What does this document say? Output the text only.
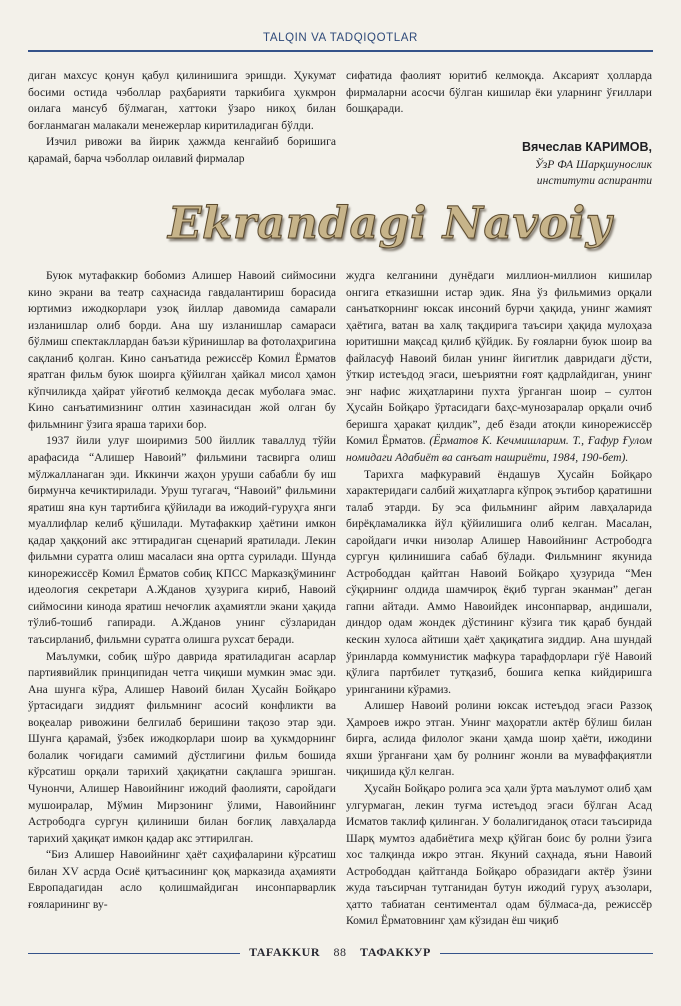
TALQIN VA TADQIQOTLAR

диган махсус қонун қабул қилинишига эришди. Ҳукумат босими остида чэболлар раҳбарияти таркибига ҳукмрон оилага мансуб бўлмаган, хаттоки ўзаро никоҳ билан боғланмаган малакали менежерлар киритиладиган бўлди.

Изчил ривожи ва йирик ҳажмда кенгайиб боришига қарамай, барча чэболлар оилавий фирмалар

сифатида фаолият юритиб келмоқда. Аксарият ҳолларда фирмаларни асосчи бўлган кишилар ёки уларнинг ўғиллари бошқаради.

Вячеслав КАРИМОВ,
ЎзР ФА Шарқшунослик
институти аспиранти
Ekrandagi Navoiy

Буюк мутафаккир бобомиз Алишер Навоий сиймосини кино экрани ва театр саҳнасида гавдалантириш борасида юртимиз ижодкорлари узоқ йиллар давомида самарали изланишлар олиб борди. Ана шу изланишлар самараси бўлмиш спектакллардан баъзи кўринишлар ва фотолаҳригина сақланиб қолган. Кино санъатида режиссёр Комил Ёрматов яратган фильм буюк шоирга қўйилган ҳайкал мисол ҳамон кўпчиликда ҳайрат уйғотиб келмоқда десак муболаға эмас. Кино санъатимизнинг олтин хазинасидан жой олган бу фильмнинг ўзига яраша тарихи бор.

1937 йили улуғ шоиримиз 500 йиллик таваллуд тўйи арафасида “Алишер Навоий” фильмини тасвирга олиш мўлжалланаган эди. Иккинчи жаҳон уруши сабабли бу иш бирмунча кечиктирилади. Уруш тугагач, “Навоий” фильмини яратиш яна кун тартибига қўйилади ва ижодий-гуруҳга янги муаллифлар келиб қўшилади. Мутафаккир ҳаётини имкон қадар ҳаққоний акс эттирадиган сценарий яратилади. Лекин фильмни суратга олиш масаласи яна ортга сурилади. Шунда кинорежиссёр Комил Ёрматов собиқ КПСС Марказқўмининг идеология секретари А.Жданов ҳузурига кириб, Навоий сиймосини кинода яратиш нечоғлик аҳамиятли экани ҳақида тўлиб-тошиб гапиради. А.Жданов унинг сўзларидан таъсирланиб, фильмни суратга олишга рухсат беради.

Маълумки, собиқ шўро даврида яратиладиган асарлар партиявийлик принципидан четга чиқиши мумкин эмас эди. Ана шунга кўра, Алишер Навоий билан Ҳусайн Бойқаро ўртасидаги зиддият фильмнинг асосий конфликти ва воқеалар ривожини белгилаб беришини тақозо этар эди. Шунга қарамай, ўзбек ижодкорлари шоир ва ҳукмдорнинг болалик чоғидаги самимий дўстлигини фильм бошида кўрсатиш орқали тарихий ҳақиқатни сақлашга эришган. Чунончи, Алишер Навоийнинг ижодий фаолияти, саройдаги мушоиралар, Мўмин Мирзонинг ўлими, Навоийнинг Астрободга сургун қилиниши билан боғлиқ лавҳаларда тарихий ҳақиқат имкон қадар акс эттирилган.

“Биз Алишер Навоийнинг ҳаёт саҳифаларини кўрсатиш билан XV асрда Осиё қитъасининг қоқ марказида аҳамияти Европадагидан асло қолишмайдиган инсонпарварлик ғояларининг ву-

жудга келганини дунёдаги миллион-миллион кишилар онгига етказишни истар эдик. Яна ўз фильмимиз орқали санъаткорнинг юксак инсоний бурчи ҳақида, унинг жамият ҳаётига, ватан ва халқ тақдирига таъсири ҳақида мулоҳаза юритишни мақсад қилиб қўйдик. Бу ғояларни буюк шоир ва файласуф Навоий билан унинг йигитлик давридаги дўсти, ўткир истеъдод эгаси, шеъриятни ғоят қадрлайдиган, унинг энг нафис жиҳатларини пухта ўрганган шоир – султон Ҳусайн Бойқаро ўртасидаги баҳс-мунозаралар орқали очиб беришга ҳаракат қилдик”, деб ёзади атоқли кинорежиссёр Комил Ёрматов. (Ёрматов К. Кечмишларим. Т., Ғафур Ғулом номидаги Адабиёт ва санъат нашриёти, 1984, 190-бет).

Тарихга мафкуравий ёндашув Ҳусайн Бойқаро характеридаги салбий жиҳатларга кўпроқ эътибор қаратишни талаб этарди. Бу эса фильмнинг айрим лавҳаларида бирёқламаликка йўл қўйилишига олиб келган. Масалан, саройдаги ички низолар Алишер Навоийнинг Астрободга сургун қилинишига сабаб бўлади. Фильмнинг якунида Астрободдан қайтган Навоий Бойқаро ҳузурида “Мен сўқирнинг олдида шамчироқ ёқиб турган эканман” деган гапни айтади. Аммо Навоийдек инсонпарвар, андишали, диндор одам жондек дўстининг кўзига тик қараб бундай кескин хулоса айтиши ҳаёт ҳақиқатига зиддир. Ана шундай ўринларда коммунистик мафкура тарафдорлари гўё Навоий қўлига партбилет тутқазиб, бошига кепка кийдиришга уринганини кўрамиз.

Алишер Навоий ролини юксак истеъдод эгаси Раззоқ Ҳамроев ижро этган. Унинг маҳоратли актёр бўлиш билан бирга, аслида филолог экани ҳамда шоир ҳаёти, ижодини яхши ўрганғани ҳам бу ролнинг жонли ва муваффақиятли чиқишида қўл келган.

Ҳусайн Бойқаро ролига эса ҳали ўрта маълумот олиб ҳам улгурмаган, лекин туғма истеъдод эгаси бўлган Асад Исматов таклиф қилинган. У болалигиданоқ отаси таъсирида Шарқ мумтоз адабиётига меҳр қўйган боис бу ролни ўзига хос талқинда ижро этган. Якуний саҳнада, яъни Навоий Астрободдан қайтганда Бойқаро образидаги актёр ўзини жуда таъсирчан тутганидан бутун ижодий гуруҳ аъзолари, ҳатто табиатан сентиментал одам бўлмаса-да, режиссёр Комил Ёрматовнинг ҳам кўзидан ёш чиқиб

TAFAKKUR 88 ТАФАККУР
